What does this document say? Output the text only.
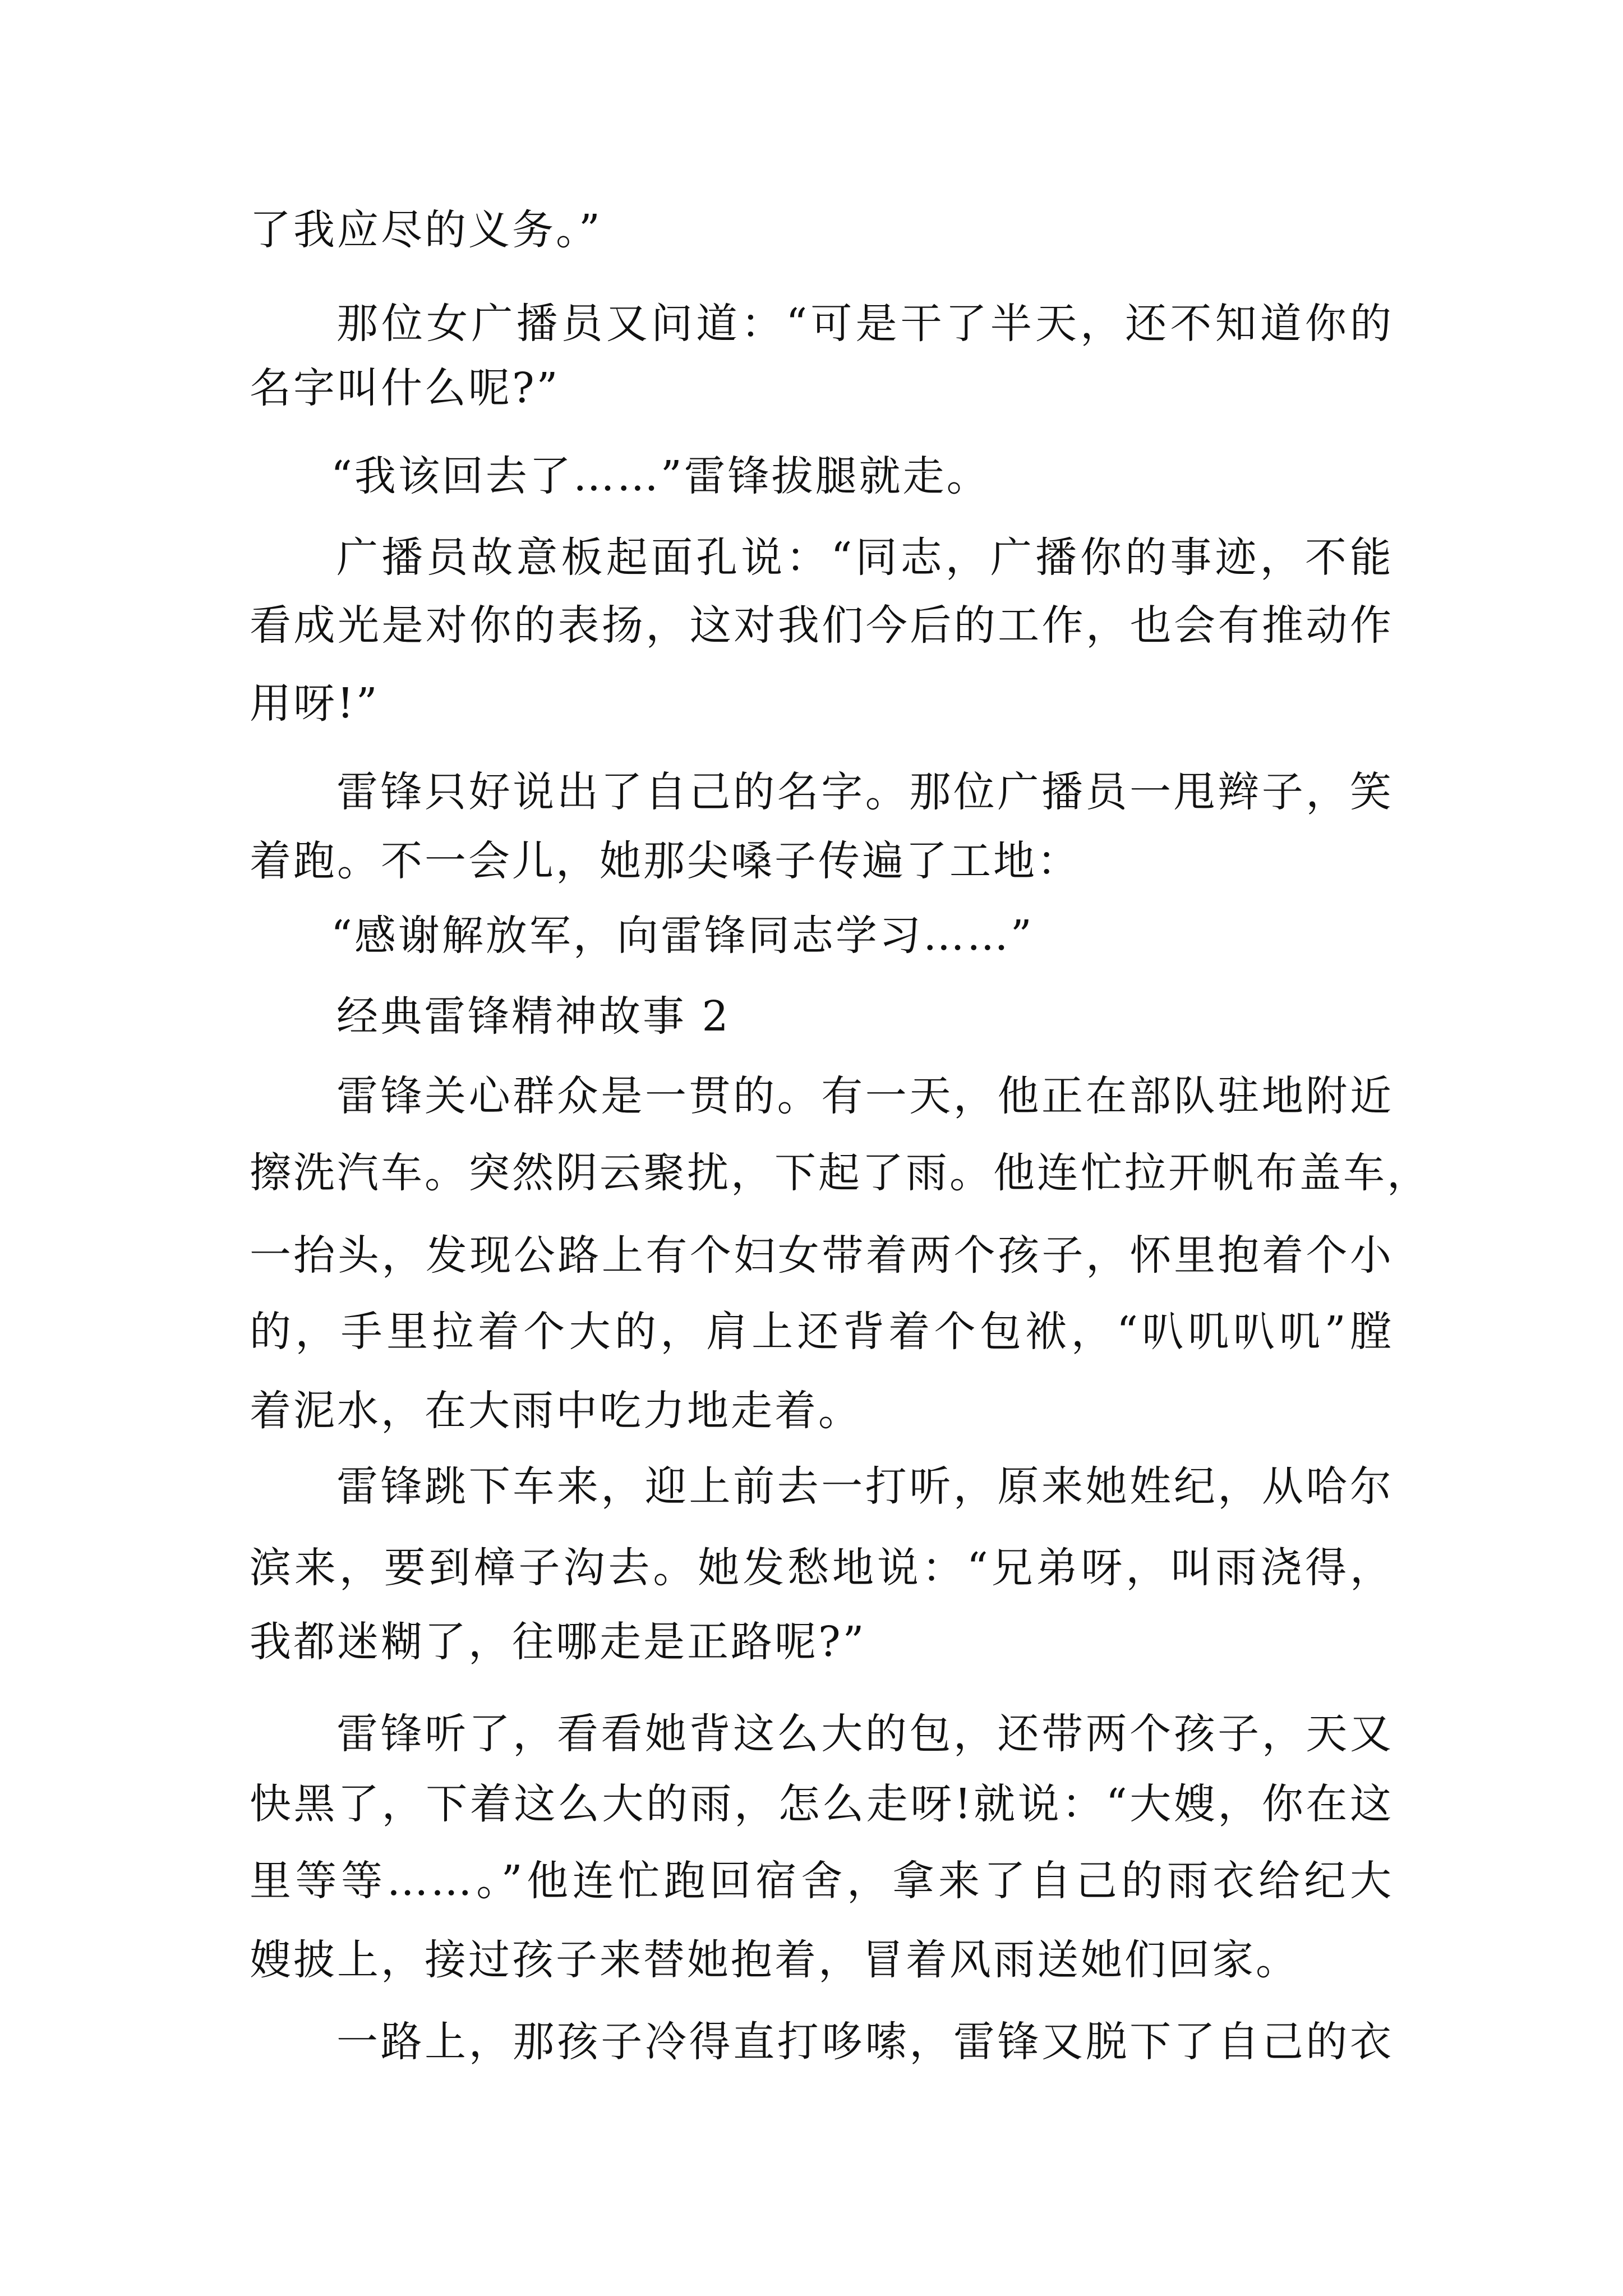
了我应尽的义务。”
那位女广播员又问道：“可是干了半天，还不知道你的
名字叫什么呢?”
“我该回去了……”雷锋拔腿就走。
广播员故意板起面孔说：“同志，广播你的事迹，不能
看成光是对你的表扬，这对我们今后的工作，也会有推动作
用呀!”
雷锋只好说出了自己的名字。那位广播员一甩辫子，笑
着跑。不一会儿，她那尖嗓子传遍了工地：
“感谢解放军，向雷锋同志学习……”
经典雷锋精神故事 2
雷锋关心群众是一贯的。有一天，他正在部队驻地附近
擦洗汽车。突然阴云聚扰，下起了雨。他连忙拉开帆布盖车，
一抬头，发现公路上有个妇女带着两个孩子，怀里抱着个小
的，手里拉着个大的，肩上还背着个包袱，“叭叽叭叽”膛
着泥水，在大雨中吃力地走着。
雷锋跳下车来，迎上前去一打听，原来她姓纪，从哈尔
滨来，要到樟子沟去。她发愁地说：“兄弟呀，叫雨浇得，
我都迷糊了，往哪走是正路呢?”
雷锋听了，看看她背这么大的包，还带两个孩子，天又
快黑了，下着这么大的雨，怎么走呀!就说：“大嫂，你在这
里等等……。”他连忙跑回宿舍，拿来了自己的雨衣给纪大
嫂披上，接过孩子来替她抱着，冒着风雨送她们回家。
一路上，那孩子冷得直打哆嗦，雷锋又脱下了自己的衣
